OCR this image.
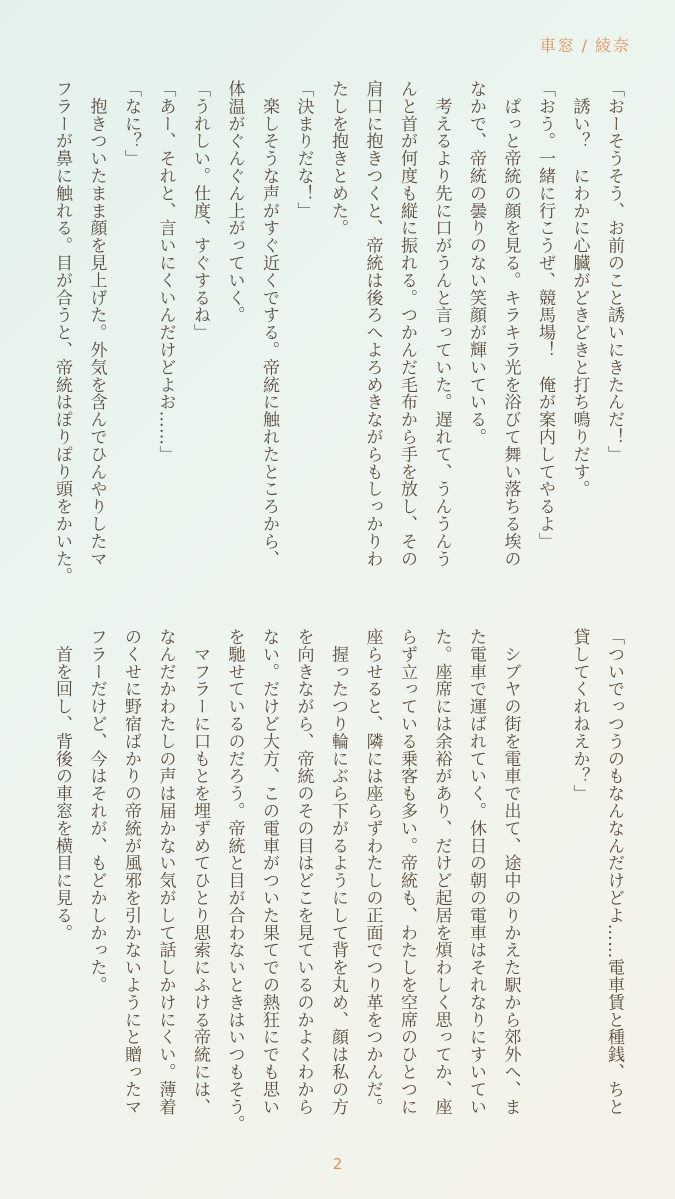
車窓 / 綾奈
「おーそうそう、お前のこと誘いにきたんだ！」
　誘い？　にわかに心臓がどきどきと打ち鳴りだす。
「おう。一緒に行こうぜ、競馬場！　俺が案内してやるよ」
　ぱっと帝統の顔を見る。キラキラ光を浴びて舞い落ちる埃の
なかで、帝統の曇りのない笑顔が輝いている。
　考えるより先に口がうんと言っていた。遅れて、うんうんう
んと首が何度も縦に振れる。つかんだ毛布から手を放し、その
肩口に抱きつくと、帝統は後ろへよろめきながらもしっかりわ
たしを抱きとめた。
「決まりだな！」
　楽しそうな声がすぐ近くでする。帝統に触れたところから、
体温がぐんぐん上がっていく。
「うれしい。仕度、すぐするね」
「あー、それと、言いにくいんだけどよお……」
「なに？」
　抱きついたまま顔を見上げた。外気を含んでひんやりしたマ
フラーが鼻に触れる。目が合うと、帝統はぽりぽり頭をかいた。
「ついでっつうのもなんなんだけどよ……電車賃と種銭、ちと
貸してくれねえか？」

　シブヤの街を電車で出て、途中のりかえた駅から郊外へ、ま
た電車で運ばれていく。休日の朝の電車はそれなりにすいてい
た。座席には余裕があり、だけど起居を煩わしく思ってか、座
らず立っている乗客も多い。帝統も、わたしを空席のひとつに
座らせると、隣には座らずわたしの正面でつり革をつかんだ。
　握ったつり輪にぶら下がるようにして背を丸め、顔は私の方
を向きながら、帝統のその目はどこを見ているのかよくわから
ない。だけど大方、この電車がついた果てでの熱狂にでも思い
を馳せているのだろう。帝統と目が合わないときはいつもそう。
　マフラーに口もとを埋ずめてひとり思索にふける帝統には、
なんだかわたしの声は届かない気がして話しかけにくい。薄着
のくせに野宿ばかりの帝統が風邪を引かないようにと贈ったマ
フラーだけど、今はそれが、もどかしかった。
　首を回し、背後の車窓を横目に見る。
2
